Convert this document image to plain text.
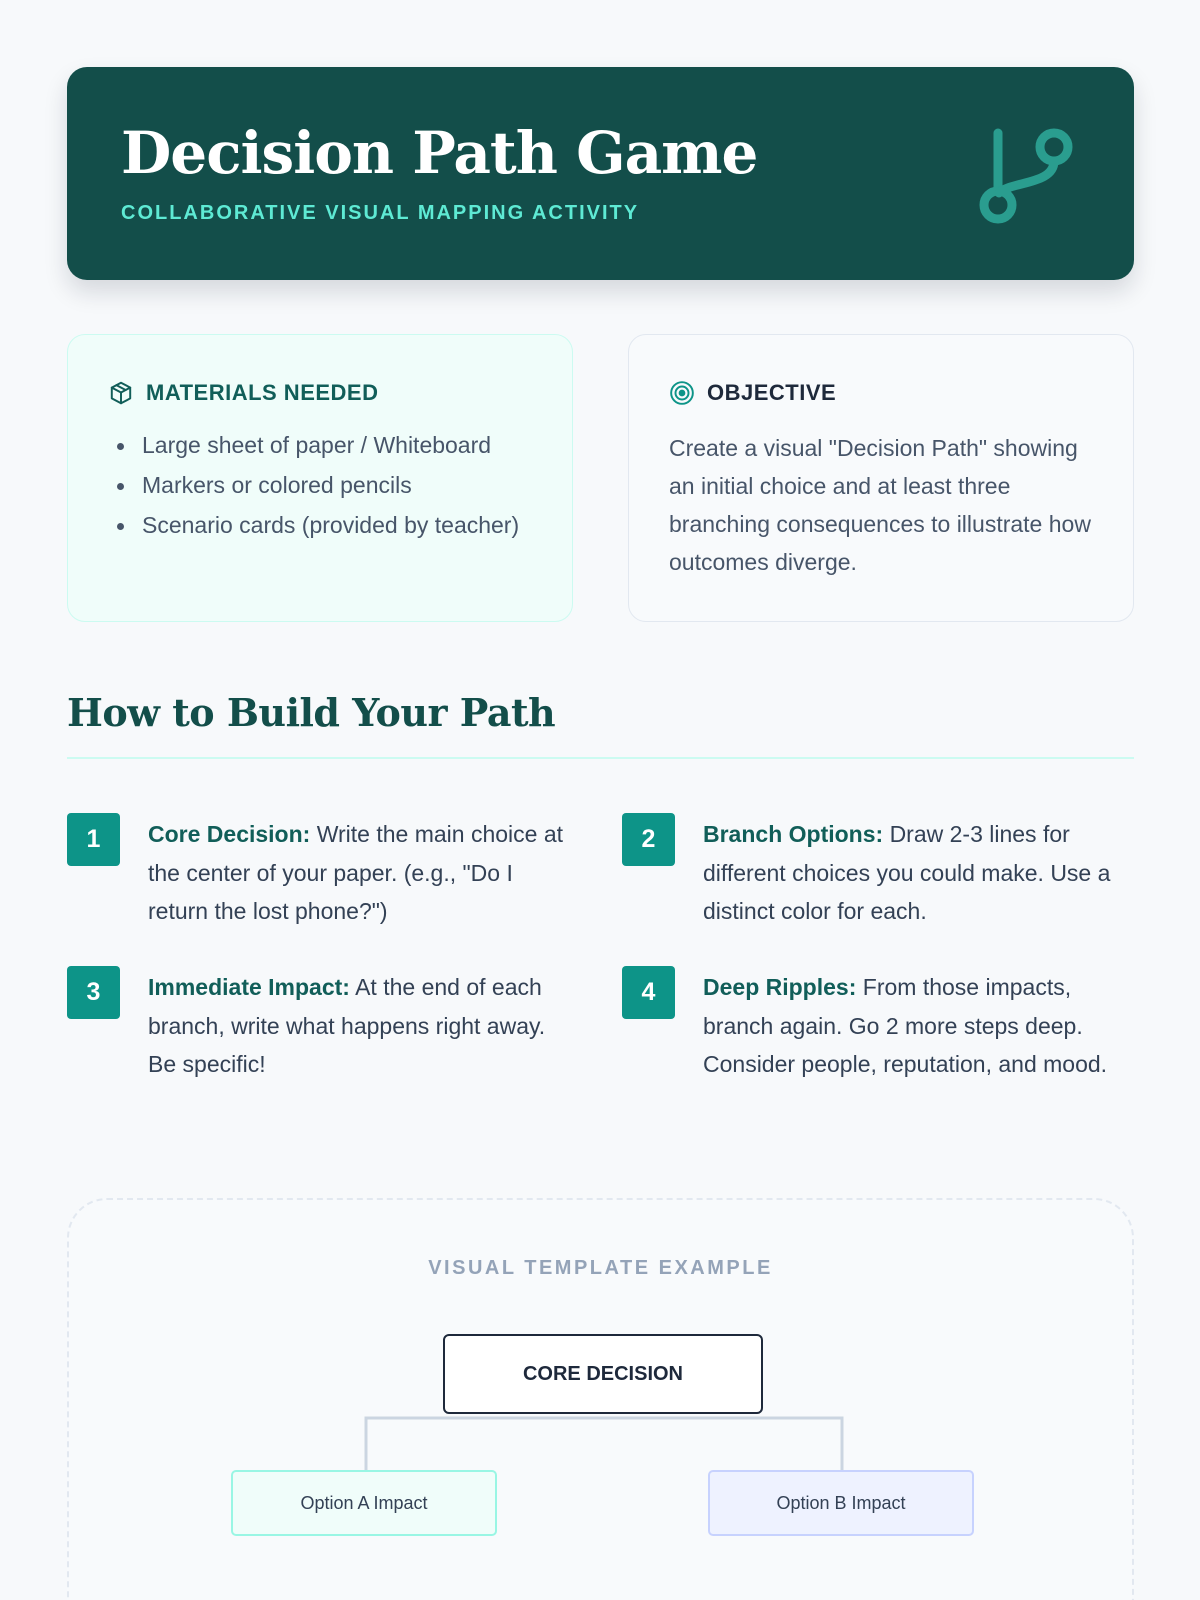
Decision Path Game
COLLABORATIVE VISUAL MAPPING ACTIVITY
MATERIALS NEEDED
Large sheet of paper / Whiteboard
Markers or colored pencils
Scenario cards (provided by teacher)
OBJECTIVE

Create a visual "Decision Path" showing an initial choice and at least three branching consequences to illustrate how outcomes diverge.

How to Build Your Path
1	Core Decision: Write the main choice at the center of your paper. (e.g., "Do I return the lost phone?")
2	Branch Options: Draw 2-3 lines for different choices you could make. Use a distinct color for each.
3	Immediate Impact: At the end of each branch, write what happens right away. Be specific!
4	Deep Ripples: From those impacts, branch again. Go 2 more steps deep. Consider people, reputation, and mood.
VISUAL TEMPLATE EXAMPLE
CORE DECISION
Option A Impact	Option B Impact
